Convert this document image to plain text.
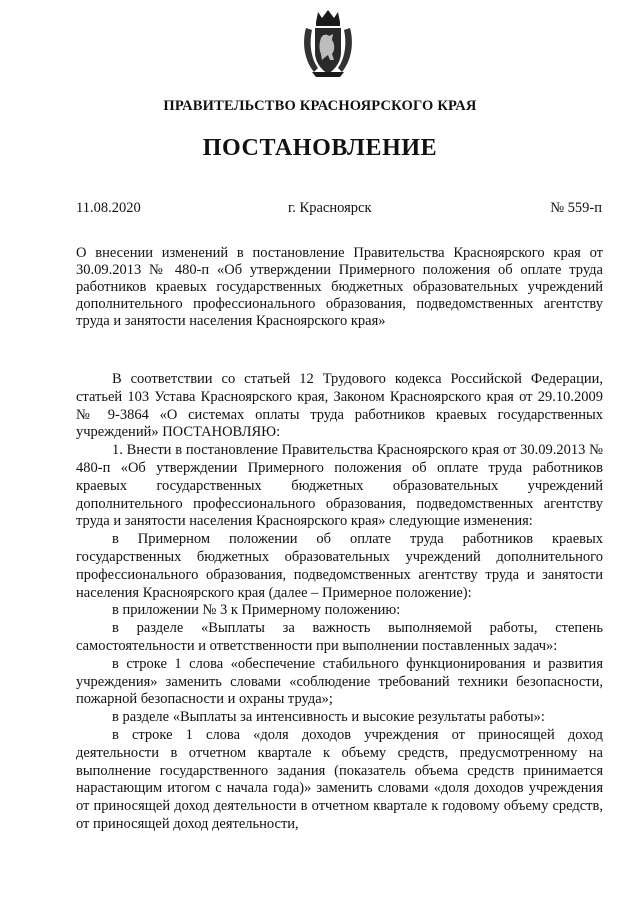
ПРАВИТЕЛЬСТВО КРАСНОЯРСКОГО КРАЯ
ПОСТАНОВЛЕНИЕ
11.08.2020	г. Красноярск	№ 559-п
О внесении изменений в постановление Правительства Красноярского края от 30.09.2013 № 480-п «Об утверждении Примерного положения об оплате труда работников краевых государственных бюджетных образовательных учреждений дополнительного профессионального образования, подведомственных агентству труда и занятости населения Красноярского края»

В соответствии со статьей 12 Трудового кодекса Российской Федерации, статьей 103 Устава Красноярского края, Законом Красноярского края от 29.10.2009 № 9-3864 «О системах оплаты труда работников краевых государственных учреждений» ПОСТАНОВЛЯЮ:

1. Внести в постановление Правительства Красноярского края от 30.09.2013 № 480-п «Об утверждении Примерного положения об оплате труда работников краевых государственных бюджетных образовательных учреждений дополнительного профессионального образования, подведомственных агентству труда и занятости населения Красноярского края» следующие изменения:

в Примерном положении об оплате труда работников краевых государственных бюджетных образовательных учреждений дополнительного профессионального образования, подведомственных агентству труда и занятости населения Красноярского края (далее – Примерное положение):

в приложении № 3 к Примерному положению:

в разделе «Выплаты за важность выполняемой работы, степень самостоятельности и ответственности при выполнении поставленных задач»:

в строке 1 слова «обеспечение стабильного функционирования и развития учреждения» заменить словами «соблюдение требований техники безопасности, пожарной безопасности и охраны труда»;

в разделе «Выплаты за интенсивность и высокие результаты работы»:

в строке 1 слова «доля доходов учреждения от приносящей доход деятельности в отчетном квартале к объему средств, предусмотренному на выполнение государственного задания (показатель объема средств принимается нарастающим итогом с начала года)» заменить словами «доля доходов учреждения от приносящей доход деятельности в отчетном квартале к годовому объему средств, от приносящей доход деятельности,
